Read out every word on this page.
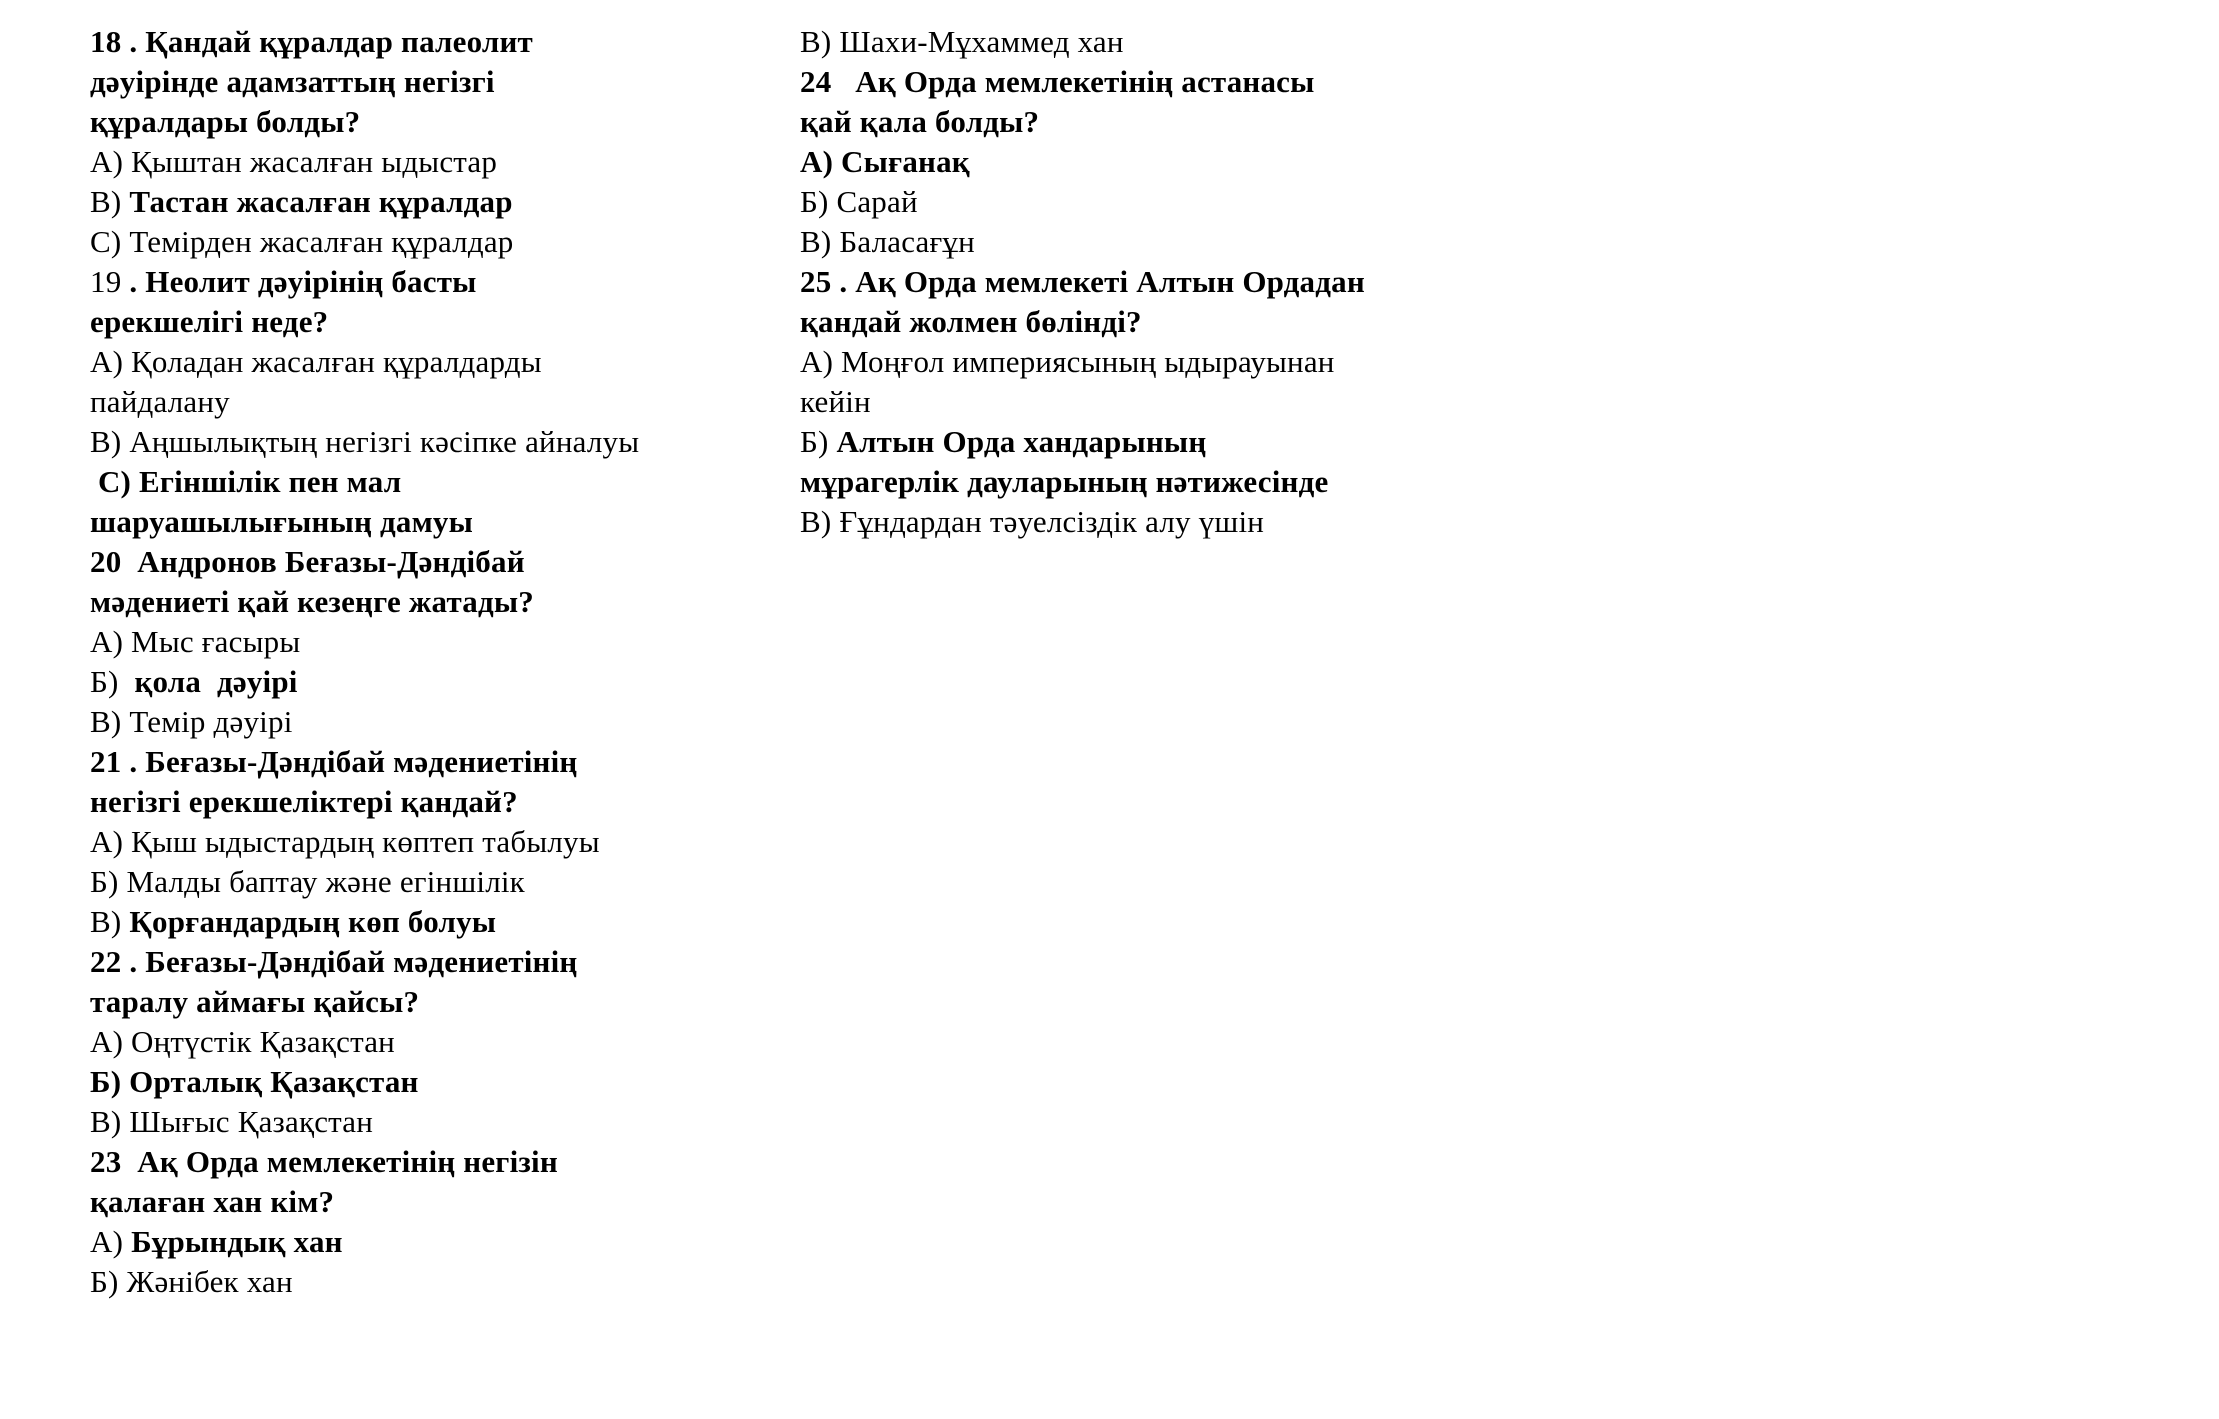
18 . Қандай құралдар палеолит
дәуірінде адамзаттың негізгі
құралдары болды?
А) Қыштан жасалған ыдыстар
В) Тастан жасалған құралдар
С) Темірден жасалған құралдар
19 . Неолит дәуірінің басты
ерекшелігі неде?
А) Қоладан жасалған құралдарды
пайдалану
В) Аңшылықтың негізгі кәсіпке айналуы
С) Егіншілік пен мал
шаруашылығының дамуы
20  Андронов Беғазы-Дәндібай
мәдениеті қай кезеңге жатады?
А) Мыс ғасыры
Б)  қола  дәуірі
В) Темір дәуірі
21 . Беғазы-Дәндібай мәдениетінің
негізгі ерекшеліктері қандай?
А) Қыш ыдыстардың көптеп табылуы
Б) Малды баптау және егіншілік
В) Қорғандардың көп болуы
22 . Беғазы-Дәндібай мәдениетінің
таралу аймағы қайсы?
А) Оңтүстік Қазақстан
Б) Орталық Қазақстан
В) Шығыс Қазақстан
23  Ақ Орда мемлекетінің негізін
қалаған хан кім?
А) Бұрындық хан
Б) Жәнібек хан
В) Шахи-Мұхаммед хан
24   Ақ Орда мемлекетінің астанасы
қай қала болды?
А) Сығанақ
Б) Сарай
В) Баласағұн
25 . Ақ Орда мемлекеті Алтын Ордадан
қандай жолмен бөлінді?
А) Моңғол империясының ыдырауынан
кейін
Б) Алтын Орда хандарының
мұрагерлік дауларының нәтижесінде
В) Ғұндардан тәуелсіздік алу үшін
